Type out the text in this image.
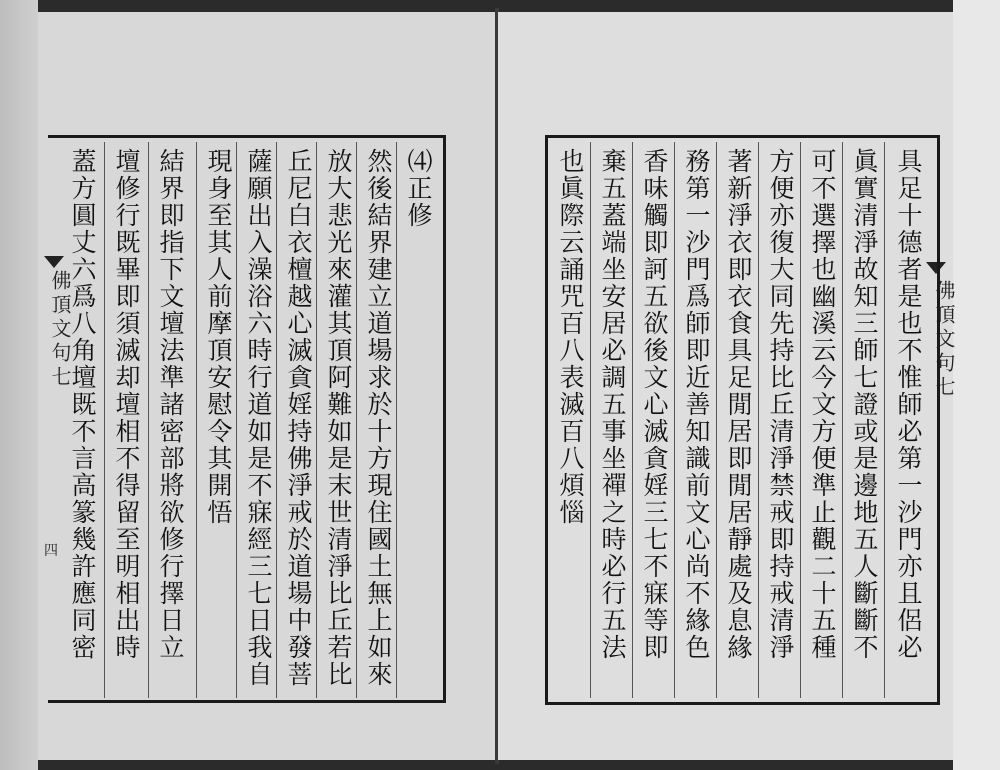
佛頂文句七
四
佛頂文句七
⑷正修
然後結界建立道場求於十方現住國土無上如來
放大悲光來灌其頂阿難如是末世清淨比丘若比
丘尼白衣檀越心滅貪婬持佛淨戒於道場中發菩
薩願出入澡浴六時行道如是不寐經三七日我自
現身至其人前摩頂安慰令其開悟
結界即指下文壇法準諸密部將欲修行擇日立
壇修行既畢即須滅却壇相不得留至明相出時
蓋方圓丈六爲八角壇既不言高篆幾許應同密	具足十德者是也不惟師必第一沙門亦且侶必
眞實清淨故知三師七證或是邊地五人斷斷不
可不選擇也幽溪云今文方便準止觀二十五種
方便亦復大同先持比丘清淨禁戒即持戒清淨
著新淨衣即衣食具足閒居即閒居靜處及息緣
務第一沙門爲師即近善知識前文心尚不緣色
香味觸即訶五欲後文心滅貪婬三七不寐等即
棄五蓋端坐安居必調五事坐禪之時必行五法
也眞際云誦咒百八表滅百八煩惱
